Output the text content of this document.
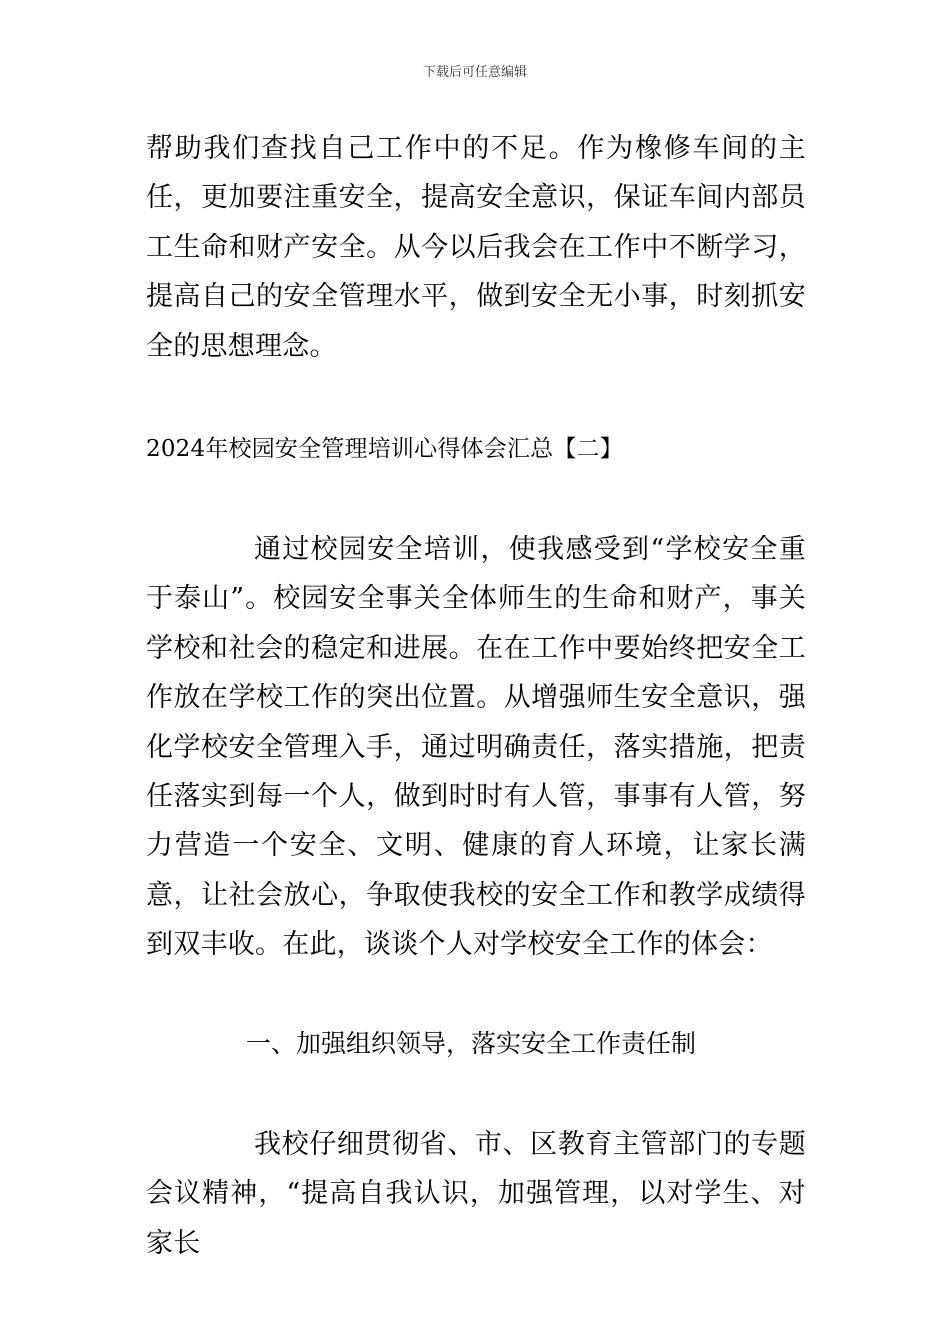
下载后可任意编辑

帮助我们查找自己工作中的不足。作为橡修车间的主任，更加要注重安全，提高安全意识，保证车间内部员工生命和财产安全。从今以后我会在工作中不断学习，提高自己的安全管理水平，做到安全无小事，时刻抓安全的思想理念。

2024年校园安全管理培训心得体会汇总【二】

通过校园安全培训，使我感受到“学校安全重于泰山”。校园安全事关全体师生的生命和财产，事关学校和社会的稳定和进展。在在工作中要始终把安全工作放在学校工作的突出位置。从增强师生安全意识，强化学校安全管理入手，通过明确责任，落实措施，把责任落实到每一个人，做到时时有人管，事事有人管，努力营造一个安全、文明、健康的育人环境，让家长满意，让社会放心，争取使我校的安全工作和教学成绩得到双丰收。在此，谈谈个人对学校安全工作的体会：

一、加强组织领导，落实安全工作责任制

我校仔细贯彻省、市、区教育主管部门的专题会议精神，“提高自我认识，加强管理，以对学生、对家长
